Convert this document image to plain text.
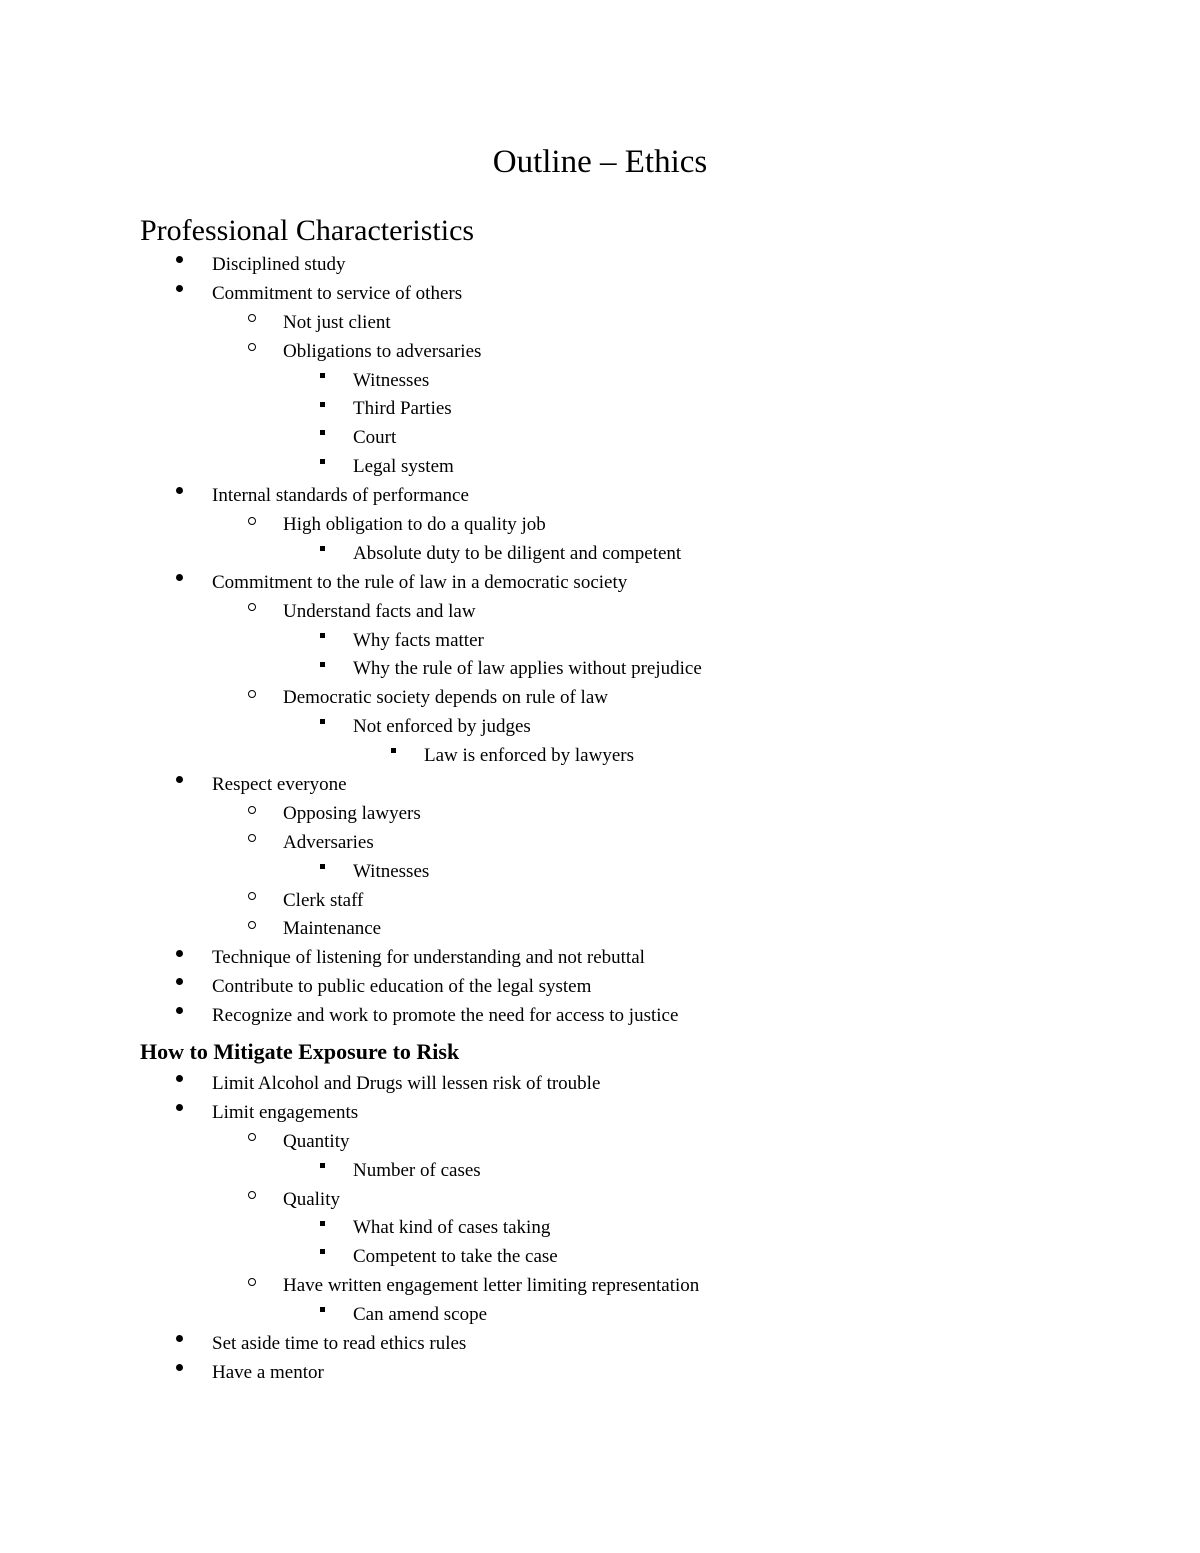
Outline – Ethics
Professional Characteristics
Disciplined study
Commitment to service of others
Not just client
Obligations to adversaries
Witnesses
Third Parties
Court
Legal system
Internal standards of performance
High obligation to do a quality job
Absolute duty to be diligent and competent
Commitment to the rule of law in a democratic society
Understand facts and law
Why facts matter
Why the rule of law applies without prejudice
Democratic society depends on rule of law
Not enforced by judges
Law is enforced by lawyers
Respect everyone
Opposing lawyers
Adversaries
Witnesses
Clerk staff
Maintenance
Technique of listening for understanding and not rebuttal
Contribute to public education of the legal system
Recognize and work to promote the need for access to justice
How to Mitigate Exposure to Risk
Limit Alcohol and Drugs will lessen risk of trouble
Limit engagements
Quantity
Number of cases
Quality
What kind of cases taking
Competent to take the case
Have written engagement letter limiting representation
Can amend scope
Set aside time to read ethics rules
Have a mentor
